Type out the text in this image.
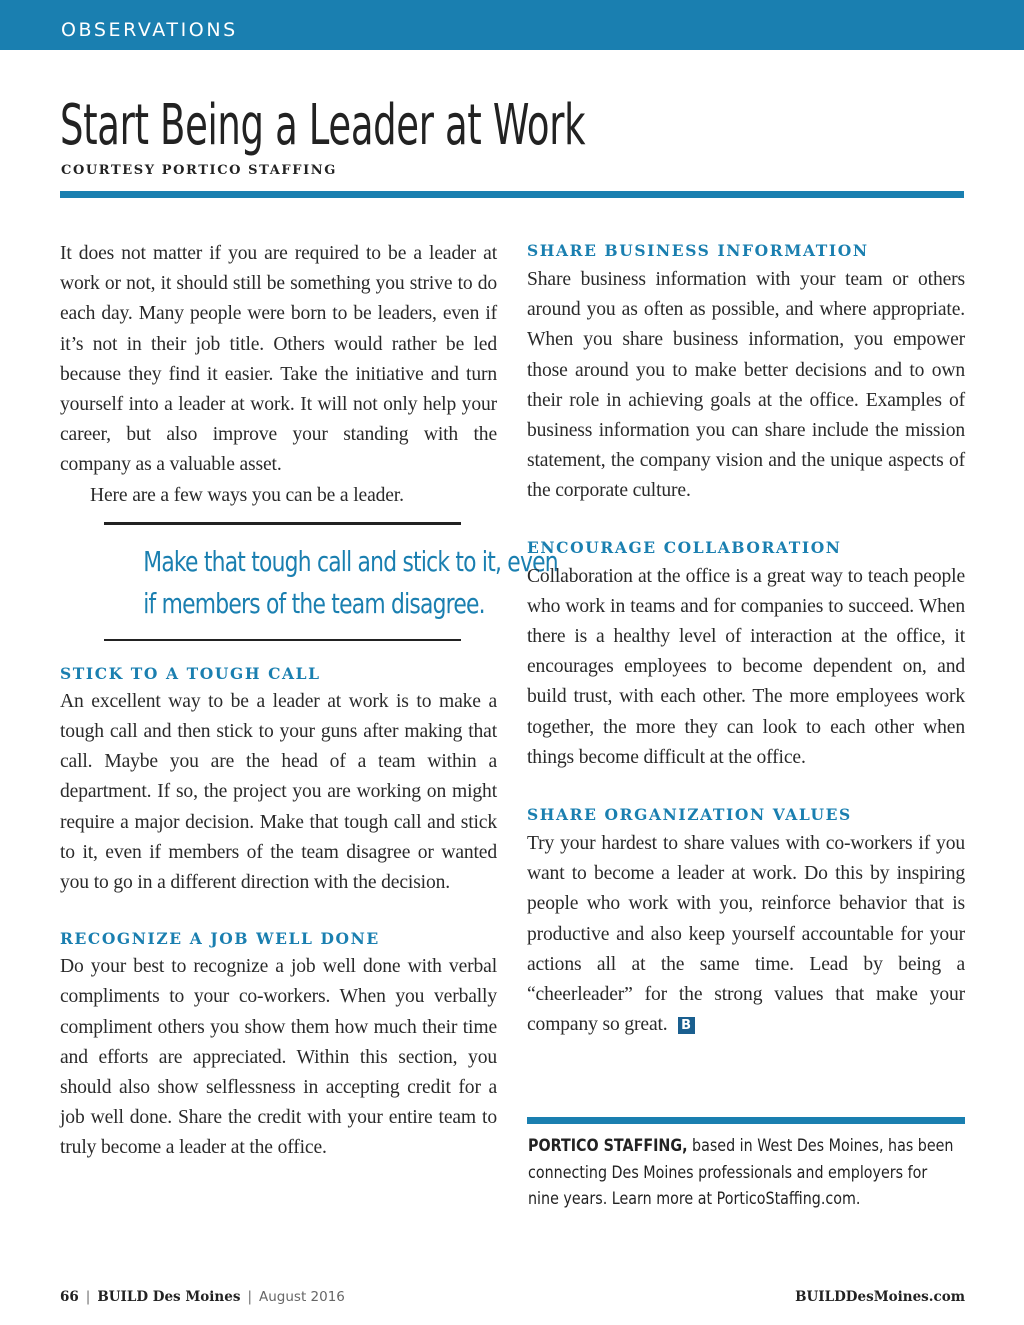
OBSERVATIONS
Start Being a Leader at Work
COURTESY PORTICO STAFFING

It does not matter if you are required to be a leader at work or not, it should still be something you strive to do each day. Many people were born to be leaders, even if it’s not in their job title. Others would rather be led because they find it easier. Take the initiative and turn yourself into a leader at work. It will not only help your career, but also improve your standing with the company as a valuable asset.

Here are a few ways you can be a leader.

Make that tough call and stick to it, even
if members of the team disagree.
STICK TO A TOUGH CALL

An excellent way to be a leader at work is to make a tough call and then stick to your guns after making that call. Maybe you are the head of a team within a department. If so, the project you are working on might require a major decision. Make that tough call and stick to it, even if members of the team disagree or wanted you to go in a different direction with the decision.

RECOGNIZE A JOB WELL DONE

Do your best to recognize a job well done with verbal compliments to your co-workers. When you verbally compliment others you show them how much their time and efforts are appreciated. Within this section, you should also show selflessness in accepting credit for a job well done. Share the credit with your entire team to truly become a leader at the office.

SHARE BUSINESS INFORMATION

Share business information with your team or others around you as often as possible, and where appropriate. When you share business information, you empower those around you to make better decisions and to own their role in achieving goals at the office. Examples of business information you can share include the mission statement, the company vision and the unique aspects of the corporate culture.

ENCOURAGE COLLABORATION

Collaboration at the office is a great way to teach people who work in teams and for companies to succeed. When there is a healthy level of interaction at the office, it encourages employees to become dependent on, and build trust, with each other. The more employees work together, the more they can look to each other when things become difficult at the office.

SHARE ORGANIZATION VALUES

Try your hardest to share values with co-workers if you want to become a leader at work. Do this by inspiring people who work with you, reinforce behavior that is productive and also keep yourself accountable for your actions all at the same time. Lead by being a “cheerleader” for the strong values that make your company so great. B

PORTICO STAFFING, based in West Des Moines, has been
connecting Des Moines professionals and employers for
nine years. Learn more at PorticoStaffing.com.
66 | BUILD Des Moines | August 2016	BUILDDesMoines.com
